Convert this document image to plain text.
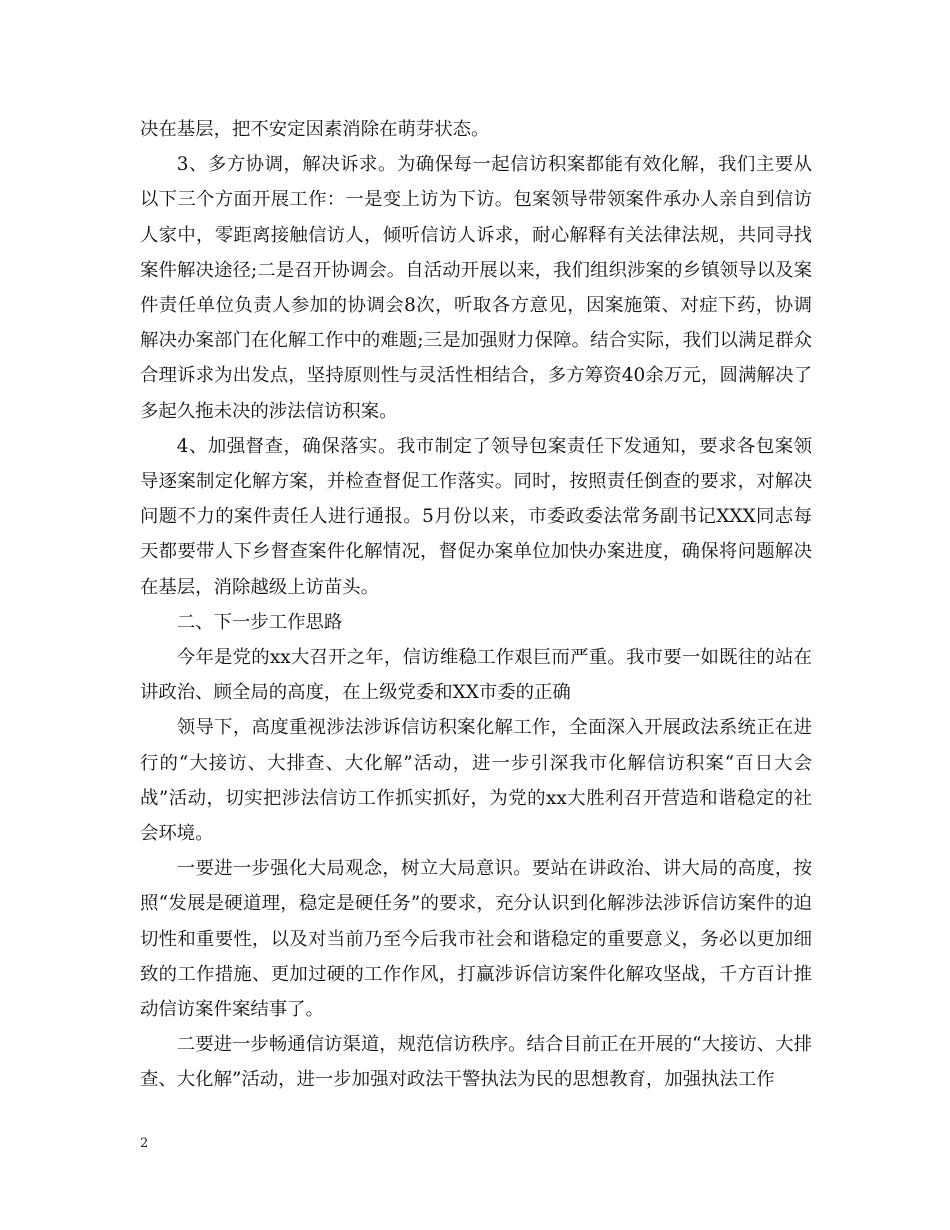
决在基层，把不安定因素消除在萌芽状态。

3、多方协调，解决诉求。为确保每一起信访积案都能有效化解，我们主要从以下三个方面开展工作：一是变上访为下访。包案领导带领案件承办人亲自到信访人家中，零距离接触信访人，倾听信访人诉求，耐心解释有关法律法规，共同寻找案件解决途径;二是召开协调会。自活动开展以来，我们组织涉案的乡镇领导以及案件责任单位负责人参加的协调会8次，听取各方意见，因案施策、对症下药，协调解决办案部门在化解工作中的难题;三是加强财力保障。结合实际，我们以满足群众合理诉求为出发点，坚持原则性与灵活性相结合，多方筹资40余万元，圆满解决了多起久拖未决的涉法信访积案。

4、加强督查，确保落实。我市制定了领导包案责任下发通知，要求各包案领导逐案制定化解方案，并检查督促工作落实。同时，按照责任倒查的要求，对解决问题不力的案件责任人进行通报。5月份以来，市委政委法常务副书记XXX同志每天都要带人下乡督查案件化解情况，督促办案单位加快办案进度，确保将问题解决在基层，消除越级上访苗头。

二、下一步工作思路

今年是党的xx大召开之年，信访维稳工作艰巨而严重。我市要一如既往的站在讲政治、顾全局的高度，在上级党委和XX市委的正确

领导下，高度重视涉法涉诉信访积案化解工作，全面深入开展政法系统正在进行的“大接访、大排查、大化解”活动，进一步引深我市化解信访积案“百日大会战”活动，切实把涉法信访工作抓实抓好，为党的xx大胜利召开营造和谐稳定的社会环境。

一要进一步强化大局观念，树立大局意识。要站在讲政治、讲大局的高度，按照“发展是硬道理，稳定是硬任务”的要求，充分认识到化解涉法涉诉信访案件的迫切性和重要性，以及对当前乃至今后我市社会和谐稳定的重要意义，务必以更加细致的工作措施、更加过硬的工作作风，打赢涉诉信访案件化解攻坚战，千方百计推动信访案件案结事了。

二要进一步畅通信访渠道，规范信访秩序。结合目前正在开展的“大接访、大排查、大化解”活动，进一步加强对政法干警执法为民的思想教育，加强执法工作

2
